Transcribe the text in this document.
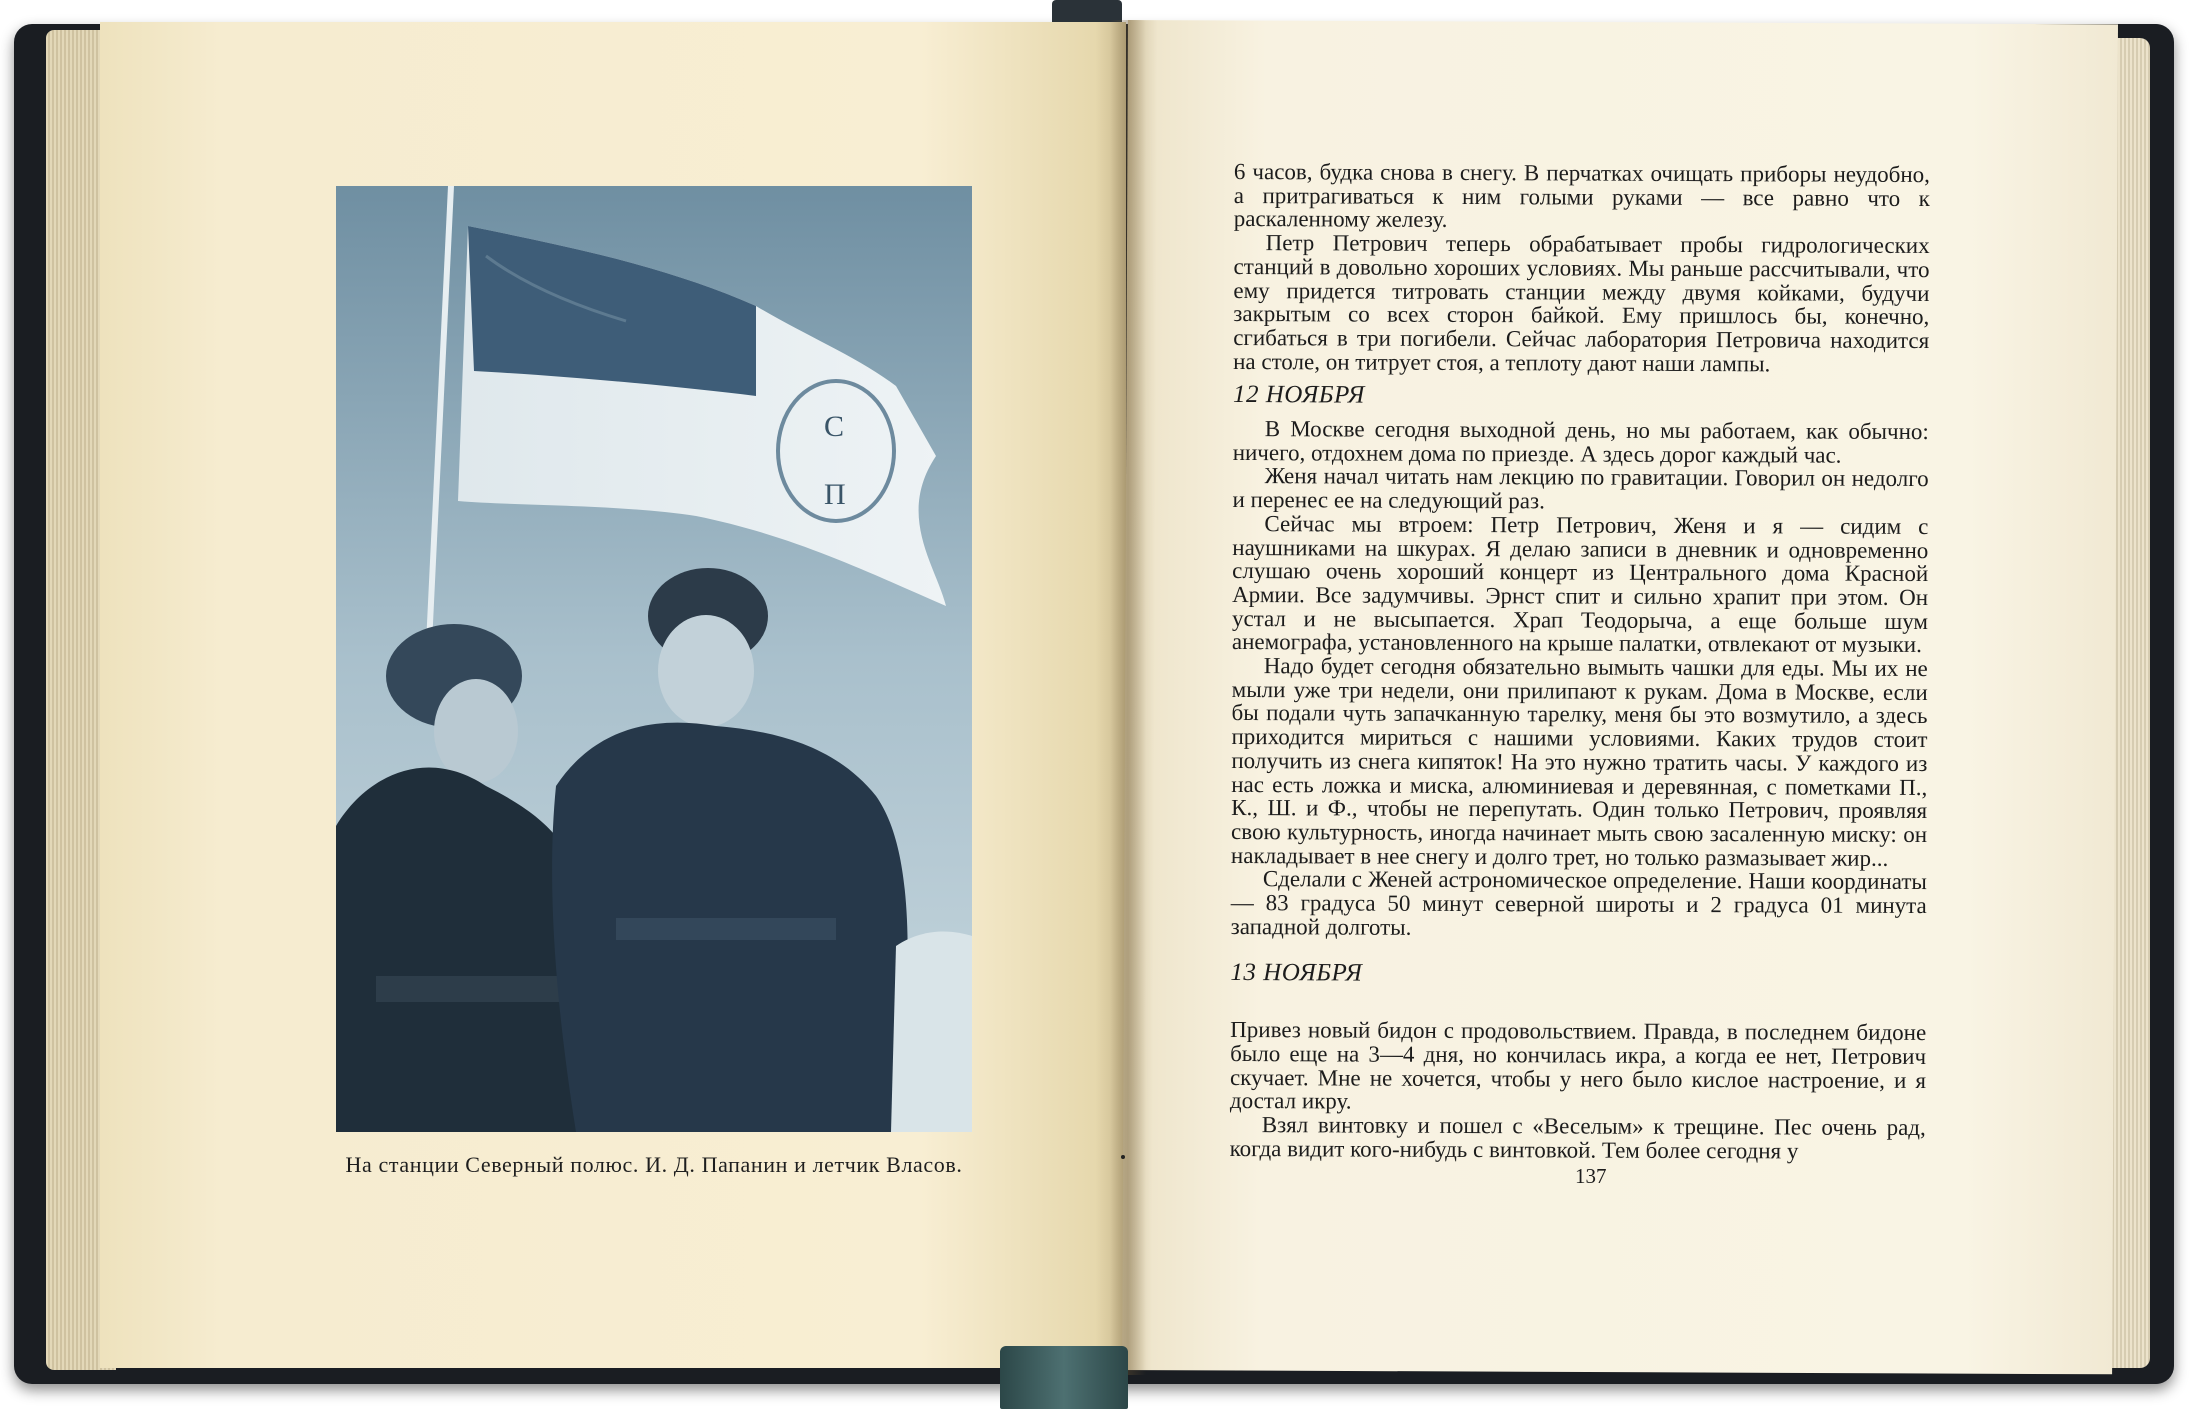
С
П
На станции Северный полюс. И. Д. Папанин и летчик Власов.

6 часов, будка снова в снегу. В перчатках очищать приборы неудобно, а притрагиваться к ним голыми руками — все равно что к раскаленному железу.

Петр Петрович теперь обрабатывает пробы гидрологических станций в довольно хороших условиях. Мы раньше рассчитывали, что ему придется титровать станции между двумя койками, будучи закрытым со всех сторон байкой. Ему пришлось бы, конечно, сгибаться в три погибели. Сейчас лаборатория Петровича находится на столе, он титрует стоя, а теплоту дают наши лампы.

12 НОЯБРЯ

В Москве сегодня выходной день, но мы работаем, как обычно: ничего, отдохнем дома по приезде. А здесь дорог каждый час.

Женя начал читать нам лекцию по гравитации. Говорил он недолго и перенес ее на следующий раз.

Сейчас мы втроем: Петр Петрович, Женя и я — сидим с наушниками на шкурах. Я делаю записи в дневник и одновременно слушаю очень хороший концерт из Центрального дома Красной Армии. Все задумчивы. Эрнст спит и сильно храпит при этом. Он устал и не высыпается. Храп Теодорыча, а еще больше шум анемографа, установленного на крыше палатки, отвлекают от музыки.

Надо будет сегодня обязательно вымыть чашки для еды. Мы их не мыли уже три недели, они прилипают к рукам. Дома в Москве, если бы подали чуть запачканную тарелку, меня бы это возмутило, а здесь приходится мириться с нашими условиями. Каких трудов стоит получить из снега кипяток! На это нужно тратить часы. У каждого из нас есть ложка и миска, алюминиевая и деревянная, с пометками П., К., Ш. и Ф., чтобы не перепутать. Один только Петрович, проявляя свою культурность, иногда начинает мыть свою засаленную миску: он накладывает в нее снегу и долго трет, но только размазывает жир...

Сделали с Женей астрономическое определение. Наши координаты — 83 градуса 50 минут северной широты и 2 градуса 01 минута западной долготы.

13 НОЯБРЯ

Привез новый бидон с продовольствием. Правда, в последнем бидоне было еще на 3—4 дня, но кончилась икра, а когда ее нет, Петрович скучает. Мне не хочется, чтобы у него было кислое настроение, и я достал икру.

Взял винтовку и пошел с «Веселым» к трещине. Пес очень рад, когда видит кого-нибудь с винтовкой. Тем более сегодня у

137
